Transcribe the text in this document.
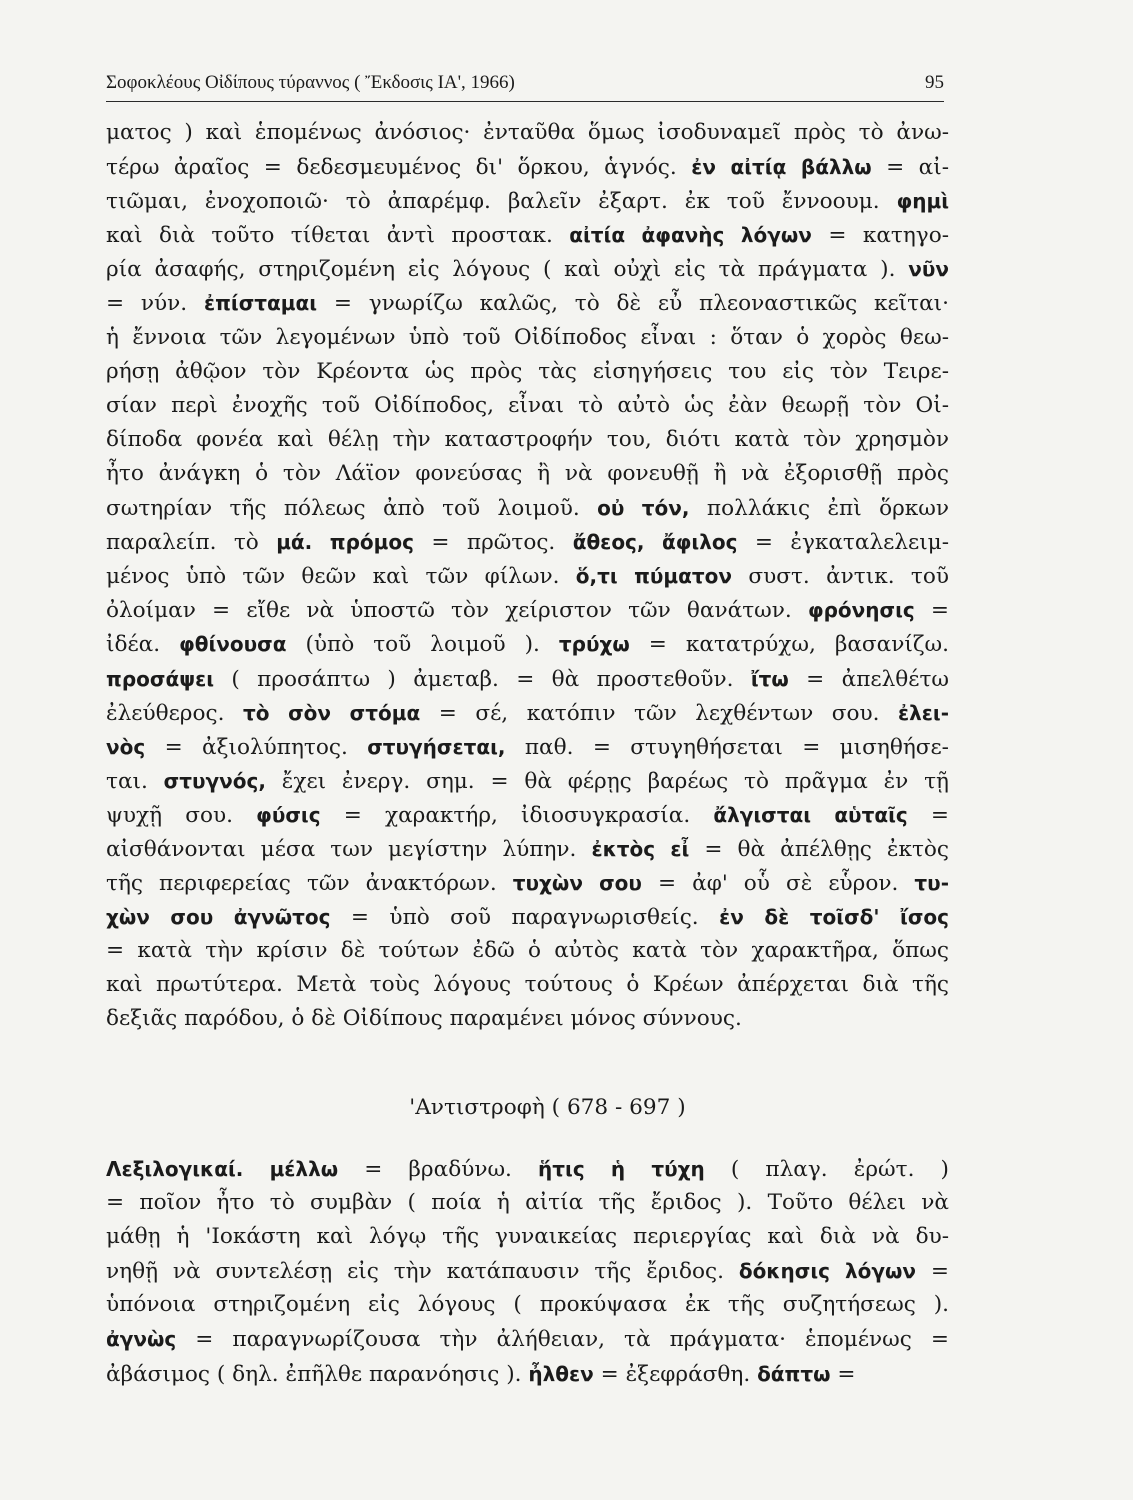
Σοφοκλέους Οἰδίπους τύραννος ( Ἔκδοσις ΙΑ', 1966)	95
ματος ) καὶ ἑπομένως ἀνόσιος· ἐνταῦθα ὅμως ἰσοδυναμεῖ πρὸς τὸ ἀνω-
τέρω ἀραῖος = δεδεσμευμένος δι' ὅρκου, ἁγνός. ἐν αἰτίᾳ βάλλω = αἰ-
τιῶμαι, ἐνοχοποιῶ· τὸ ἀπαρέμφ. βαλεῖν ἐξαρτ. ἐκ τοῦ ἔννοουμ. φημὶ
καὶ διὰ τοῦτο τίθεται ἀντὶ προστακ. αἰτία ἀφανὴς λόγων = κατηγο-
ρία ἀσαφής, στηριζομένη εἰς λόγους ( καὶ οὐχὶ εἰς τὰ πράγματα ). νῦν
= νύν. ἐπίσταμαι = γνωρίζω καλῶς, τὸ δὲ εὖ πλεοναστικῶς κεῖται·
ἡ ἔννοια τῶν λεγομένων ὑπὸ τοῦ Οἰδίποδος εἶναι : ὅταν ὁ χορὸς θεω-
ρήσῃ ἀθῷον τὸν Κρέοντα ὡς πρὸς τὰς εἰσηγήσεις του εἰς τὸν Τειρε-
σίαν περὶ ἐνοχῆς τοῦ Οἰδίποδος, εἶναι τὸ αὐτὸ ὡς ἐὰν θεωρῇ τὸν Οἰ-
δίποδα φονέα καὶ θέλῃ τὴν καταστροφήν του, διότι κατὰ τὸν χρησμὸν
ἦτο ἀνάγκη ὁ τὸν Λάϊον φονεύσας ἢ νὰ φονευθῇ ἢ νὰ ἐξορισθῇ πρὸς
σωτηρίαν τῆς πόλεως ἀπὸ τοῦ λοιμοῦ. οὐ τόν, πολλάκις ἐπὶ ὅρκων
παραλείπ. τὸ μά. πρόμος = πρῶτος. ἄθεος, ἄφιλος = ἐγκαταλελειμ-
μένος ὑπὸ τῶν θεῶν καὶ τῶν φίλων. ὅ,τι πύματον συστ. ἀντικ. τοῦ
ὀλοίμαν = εἴθε νὰ ὑποστῶ τὸν χείριστον τῶν θανάτων. φρόνησις =
ἰδέα. φθίνουσα (ὑπὸ τοῦ λοιμοῦ ). τρύχω = κατατρύχω, βασανίζω.
προσάψει ( προσάπτω ) ἀμεταβ. = θὰ προστεθοῦν. ἴτω = ἀπελθέτω
ἐλεύθερος. τὸ σὸν στόμα = σέ, κατόπιν τῶν λεχθέντων σου. ἐλει-
νὸς = ἀξιολύπητος. στυγήσεται, παθ. = στυγηθήσεται = μισηθήσε-
ται. στυγνός, ἔχει ἐνεργ. σημ. = θὰ φέρῃς βαρέως τὸ πρᾶγμα ἐν τῇ
ψυχῇ σου. φύσις = χαρακτήρ, ἰδιοσυγκρασία. ἄλγισται αὑταῖς =
αἰσθάνονται μέσα των μεγίστην λύπην. ἐκτὸς εἶ = θὰ ἀπέλθῃς ἐκτὸς
τῆς περιφερείας τῶν ἀνακτόρων. τυχὼν σου = ἀφ' οὗ σὲ εὗρον. τυ-
χὼν σου ἀγνῶτος = ὑπὸ σοῦ παραγνωρισθείς. ἐν δὲ τοῖσδ' ἴσος
= κατὰ τὴν κρίσιν δὲ τούτων ἐδῶ ὁ αὐτὸς κατὰ τὸν χαρακτῆρα, ὅπως
καὶ πρωτύτερα. Μετὰ τοὺς λόγους τούτους ὁ Κρέων ἀπέρχεται διὰ τῆς
δεξιᾶς παρόδου, ὁ δὲ Οἰδίπους παραμένει μόνος σύννους.
'Αντιστροφὴ ( 678 - 697 )
Λεξιλογικαί. μέλλω = βραδύνω. ἥτις ἡ τύχη ( πλαγ. ἐρώτ. )
= ποῖον ἦτο τὸ συμβὰν ( ποία ἡ αἰτία τῆς ἔριδος ). Τοῦτο θέλει νὰ
μάθῃ ἡ 'Ιοκάστη καὶ λόγῳ τῆς γυναικείας περιεργίας καὶ διὰ νὰ δυ-
νηθῇ νὰ συντελέσῃ εἰς τὴν κατάπαυσιν τῆς ἔριδος. δόκησις λόγων =
ὑπόνοια στηριζομένη εἰς λόγους ( προκύψασα ἐκ τῆς συζητήσεως ).
ἀγνὼς = παραγνωρίζουσα τὴν ἀλήθειαν, τὰ πράγματα· ἑπομένως =
ἀβάσιμος ( δηλ. ἐπῆλθε παρανόησις ). ἦλθεν = ἐξεφράσθη. δάπτω =
